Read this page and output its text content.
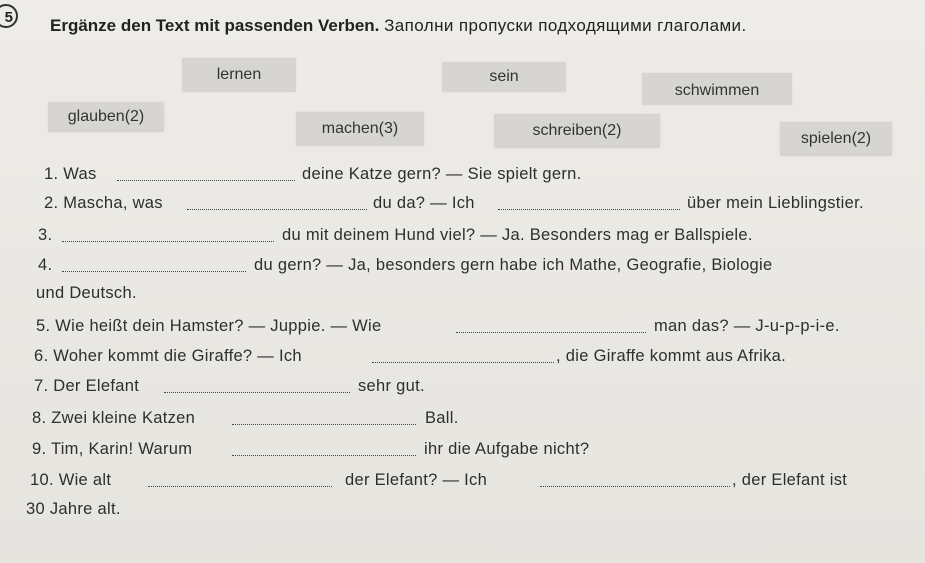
5 Ergänze den Text mit passenden Verben. Заполни пропуски подходящими глаголами.
lernen	sein
schwimmen
glauben(2)
machen(3)	schreiben(2)	spielen(2)
1. Was	deine Katze gern? — Sie spielt gern.
2. Mascha, was	du da? — Ich	über mein Lieblingstier.
3.	du mit deinem Hund viel? — Ja. Besonders mag er Ballspiele.
4.	du gern? — Ja, besonders gern habe ich Mathe, Geografie, Biologie
und Deutsch.
5. Wie heißt dein Hamster? — Juppie. — Wie	man das? — J-u-p-p-i-e.
6. Woher kommt die Giraffe? — Ich	, die Giraffe kommt aus Afrika.
7. Der Elefant	sehr gut.
8. Zwei kleine Katzen	Ball.
9. Tim, Karin! Warum	ihr die Aufgabe nicht?
10. Wie alt	der Elefant? — Ich	, der Elefant ist
30 Jahre alt.
